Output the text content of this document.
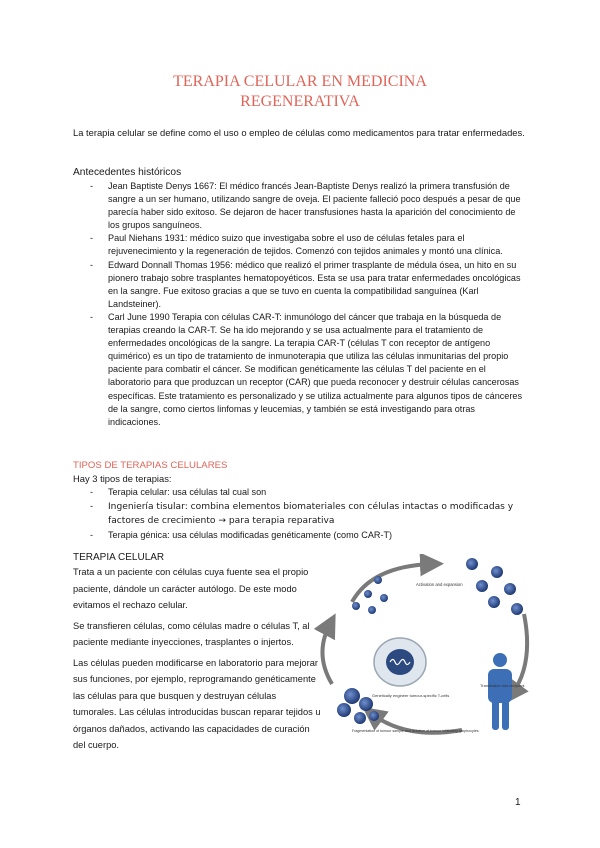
TERAPIA CELULAR EN MEDICINA
REGENERATIVA
La terapia celular se define como el uso o empleo de células como medicamentos para tratar enfermedades.
Antecedentes históricos
- Jean Baptiste Denys 1667: El médico francés Jean-Baptiste Denys realizó la primera transfusión de sangre a un ser humano, utilizando sangre de oveja. El paciente falleció poco después a pesar de que parecía haber sido exitoso. Se dejaron de hacer transfusiones hasta la aparición del conocimiento de los grupos sanguíneos.
- Paul Niehans 1931: médico suizo que investigaba sobre el uso de células fetales para el rejuvenecimiento y la regeneración de tejidos. Comenzó con tejidos animales y montó una clínica.
- Edward Donnall Thomas 1956: médico que realizó el primer trasplante de médula ósea, un hito en su pionero trabajo sobre trasplantes hematopoyéticos. Esta se usa para tratar enfermedades oncológicas en la sangre. Fue exitoso gracias a que se tuvo en cuenta la compatibilidad sanguínea (Karl Landsteiner).
- Carl June 1990 Terapia con células CAR-T: inmunólogo del cáncer que trabaja en la búsqueda de terapias creando la CAR-T. Se ha ido mejorando y se usa actualmente para el tratamiento de enfermedades oncológicas de la sangre. La terapia CAR-T (células T con receptor de antígeno quimérico) es un tipo de tratamiento de inmunoterapia que utiliza las células inmunitarias del propio paciente para combatir el cáncer. Se modifican genéticamente las células T del paciente en el laboratorio para que produzcan un receptor (CAR) que pueda reconocer y destruir células cancerosas específicas. Este tratamiento es personalizado y se utiliza actualmente para algunos tipos de cánceres de la sangre, como ciertos linfomas y leucemias, y también se está investigando para otras indicaciones.
TIPOS DE TERAPIAS CELULARES
Hay 3 tipos de terapias:
- Terapia celular: usa células tal cual son
- Ingeniería tisular: combina elementos biomateriales con células intactas o modificadas y factores de crecimiento → para terapia reparativa
- Terapia génica: usa células modificadas genéticamente (como CAR-T)
TERAPIA CELULAR

Trata a un paciente con células cuya fuente sea el propio paciente, dándole un carácter autólogo. De este modo evitamos el rechazo celular.

Se transfieren células, como células madre o células T, al paciente mediante inyecciones, trasplantes o injertos.

Las células pueden modificarse en laboratorio para mejorar sus funciones, por ejemplo, reprogramando genéticamente las células para que busquen y destruyan células tumorales. Las células introducidas buscan reparar tejidos u órganos dañados, activando las capacidades de curación del cuerpo.

Activation and expansion
Genetically engineer tumour-specific T-cells
Transfusion into recipient
Fragmentation of tumour sample and isolation of tumour infiltrating lymphocytes
1
